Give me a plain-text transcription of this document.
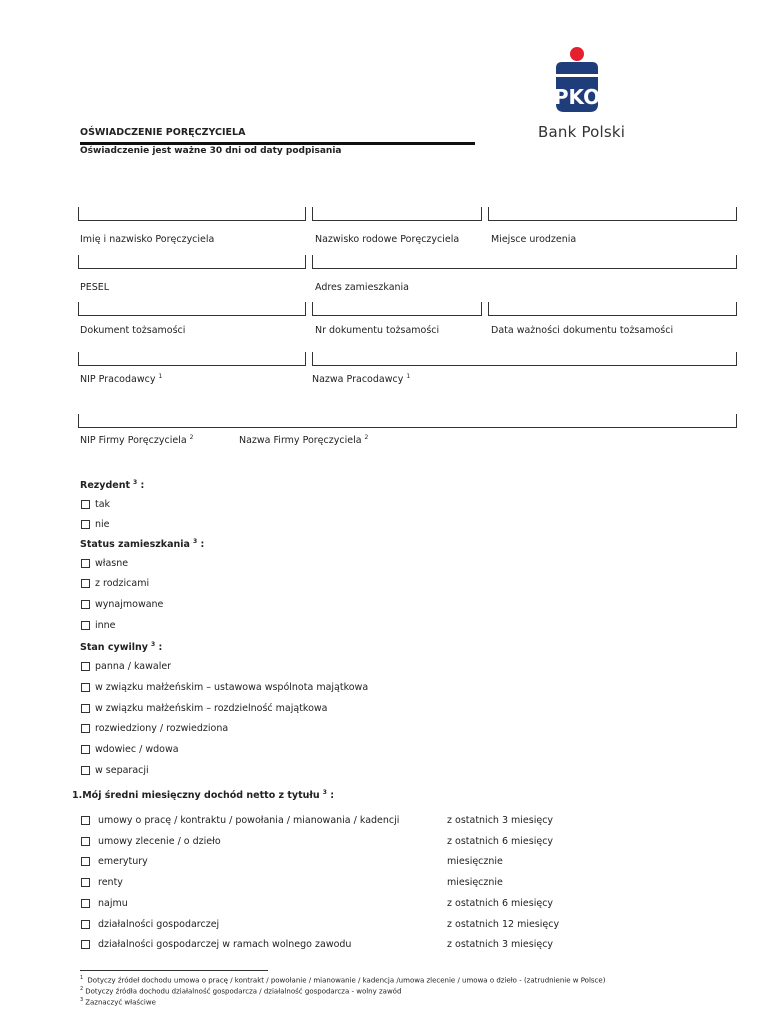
OŚWIADCZENIE PORĘCZYCIELA
Oświadczenie jest ważne 30 dni od daty podpisania
PKO
Bank Polski
Imię i nazwisko Poręczyciela	Nazwisko rodowe Poręczyciela	Miejsce urodzenia
PESEL	Adres zamieszkania
Dokument tożsamości	Nr dokumentu tożsamości	Data ważności dokumentu tożsamości
NIP Pracodawcy $^1$	Nazwa Pracodawcy $^1$
NIP Firmy Poręczyciela $^2$	Nazwa Firmy Poręczyciela $^2$
Rezydent $^3$ :
tak
nie
Status zamieszkania $^3$ :
własne
z rodzicami
wynajmowane
inne
Stan cywilny $^3$ :
panna / kawaler
w związku małżeńskim – ustawowa wspólnota majątkowa
w związku małżeńskim – rozdzielność majątkowa
rozwiedziony / rozwiedziona
wdowiec / wdowa
w separacji
1.Mój średni miesięczny dochód netto z tytułu $^3$ :
umowy o pracę / kontraktu / powołania / mianowania / kadencji	z ostatnich 3 miesięcy
umowy zlecenie / o dzieło	z ostatnich 6 miesięcy
emerytury	miesięcznie
renty	miesięcznie
najmu	z ostatnich 6 miesięcy
działalności gospodarczej	z ostatnich 12 miesięcy
działalności gospodarczej w ramach wolnego zawodu	z ostatnich 3 miesięcy
$^1$ Dotyczy źródeł dochodu umowa o pracę / kontrakt / powołanie / mianowanie / kadencja /umowa zlecenie / umowa o dzieło - (zatrudnienie w Polsce)
$^2$ Dotyczy źródła dochodu działalność gospodarcza / działalność gospodarcza - wolny zawód
$^3$ Zaznaczyć właściwe
